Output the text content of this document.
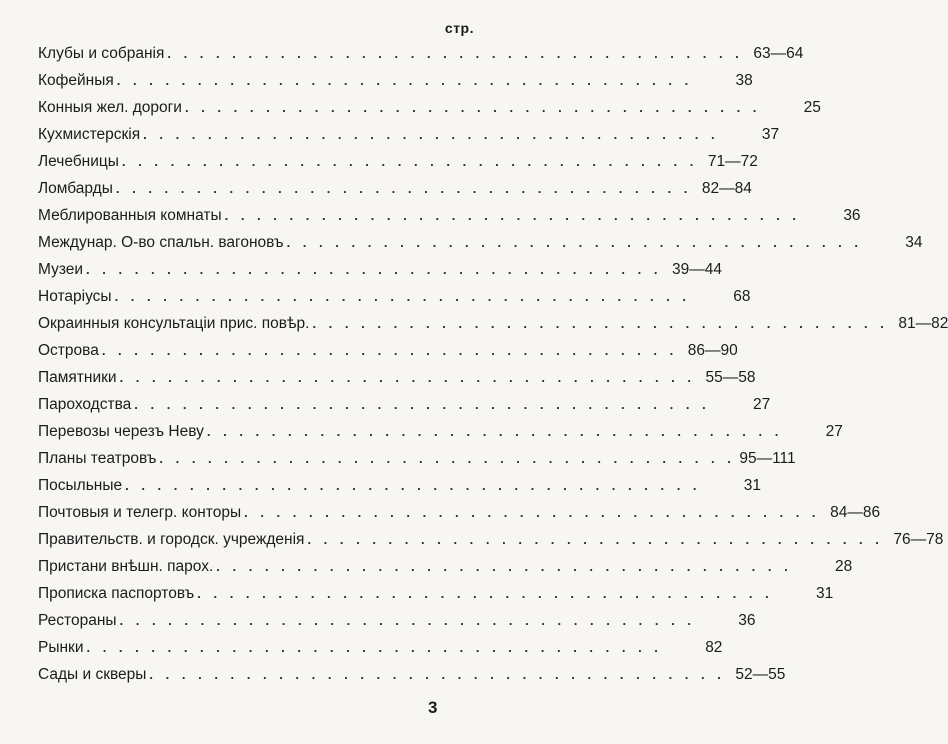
стр.
Клубы и собранія . . . . . . . . . . . . . . . . . . . . . . . . . . . . . . . . . . . . 63—64
Кофейныя . . . . . . . . . . . . . . . . . . . . . . . . . . . . . . . . . . . .	38
Конныя жел. дороги . . . . . . . . . . . . . . . . . . . . . . . . . . . . . . . . . . . .	25
Кухмистерскія . . . . . . . . . . . . . . . . . . . . . . . . . . . . . . . . . . . .	37
Лечебницы . . . . . . . . . . . . . . . . . . . . . . . . . . . . . . . . . . . . 71—72
Ломбарды . . . . . . . . . . . . . . . . . . . . . . . . . . . . . . . . . . . . 82—84
Меблированныя комнаты . . . . . . . . . . . . . . . . . . . . . . . . . . . . . . . . . . . .	36
Междунар. О-во спальн. вагоновъ . . . . . . . . . . . . . . . . . . . . . . . . . . . . . . . . . . . .	34
Музеи . . . . . . . . . . . . . . . . . . . . . . . . . . . . . . . . . . . . 39—44
Нотаріусы . . . . . . . . . . . . . . . . . . . . . . . . . . . . . . . . . . . .	68
Окраинныя консультаціи прис. повѣр. . . . . . . . . . . . . . . . . . . . . . . . . . . . . . . . . . . . . 81—82
Острова . . . . . . . . . . . . . . . . . . . . . . . . . . . . . . . . . . . . 86—90
Памятники . . . . . . . . . . . . . . . . . . . . . . . . . . . . . . . . . . . . 55—58
Пароходства . . . . . . . . . . . . . . . . . . . . . . . . . . . . . . . . . . . .	27
Перевозы черезъ Неву . . . . . . . . . . . . . . . . . . . . . . . . . . . . . . . . . . . .	27
Планы театровъ . . . . . . . . . . . . . . . . . . . . . . . . . . . . . . . . . . . . 95—111
Посыльные . . . . . . . . . . . . . . . . . . . . . . . . . . . . . . . . . . . .	31
Почтовыя и телегр. конторы . . . . . . . . . . . . . . . . . . . . . . . . . . . . . . . . . . . . 84—86
Правительств. и городск. учрежденія . . . . . . . . . . . . . . . . . . . . . . . . . . . . . . . . . . . . 76—78
Пристани внѣшн. парох. . . . . . . . . . . . . . . . . . . . . . . . . . . . . . . . . . . . .	28
Прописка паспортовъ . . . . . . . . . . . . . . . . . . . . . . . . . . . . . . . . . . . .	31
Рестораны . . . . . . . . . . . . . . . . . . . . . . . . . . . . . . . . . . . .	36
Рынки . . . . . . . . . . . . . . . . . . . . . . . . . . . . . . . . . . . .	82
Сады и скверы . . . . . . . . . . . . . . . . . . . . . . . . . . . . . . . . . . . . 52—55
3
